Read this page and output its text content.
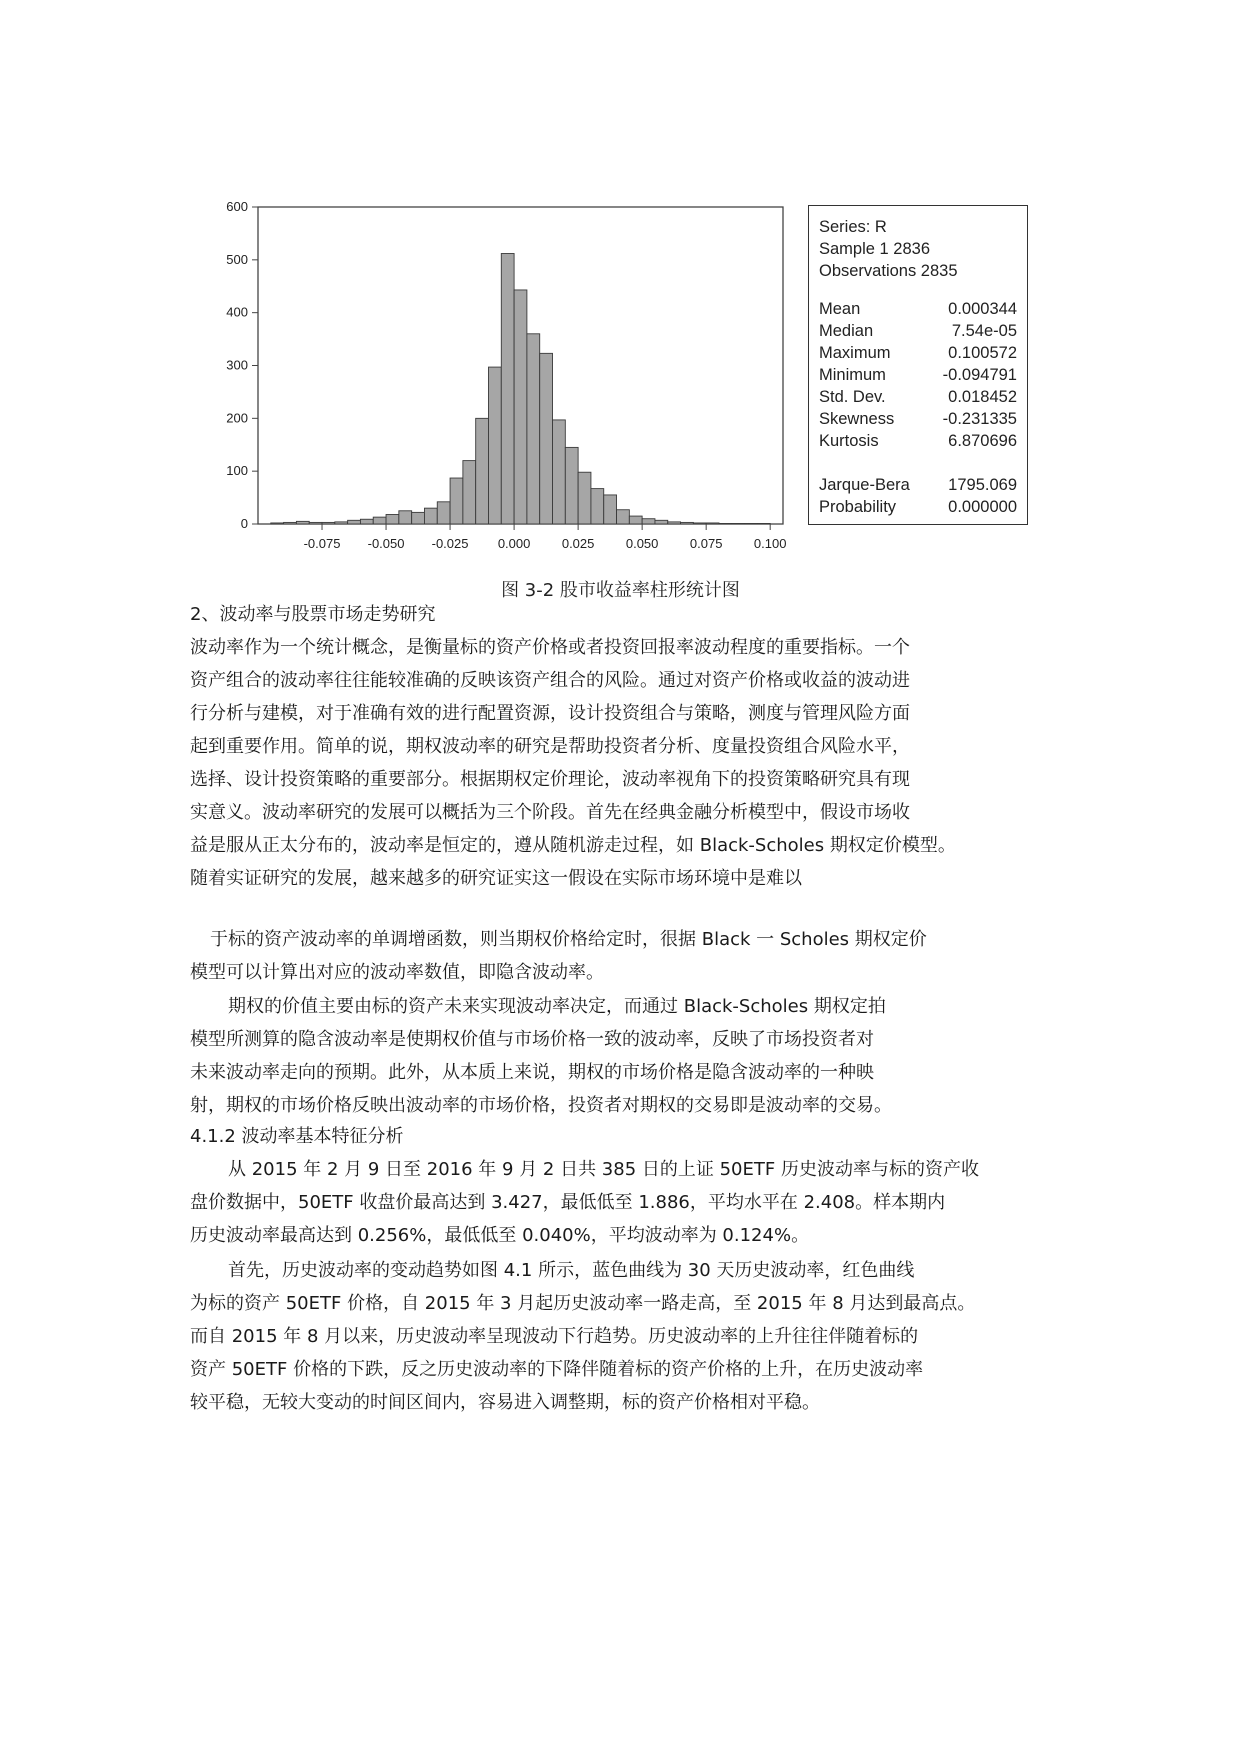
0
100
200
300
400
500
600
-0.075 -0.050 -0.025 0.000 0.025 0.050 0.075 0.100
Series: R
Sample 1 2836
Observations 2835
Mean	0.000344
Median	7.54e-05
Maximum	0.100572
Minimum	-0.094791
Std. Dev.	0.018452
Skewness	-0.231335
Kurtosis	6.870696
Jarque-Bera 1795.069
Probability	0.000000
图 3-2 股市收益率柱形统计图
2、波动率与股票市场走势研究
波动率作为一个统计概念，是衡量标的资产价格或者投资回报率波动程度的重要指标。一个
资产组合的波动率往往能较准确的反映该资产组合的风险。通过对资产价格或收益的波动进
行分析与建模，对于准确有效的进行配置资源，设计投资组合与策略，测度与管理风险方面
起到重要作用。简单的说，期权波动率的研究是帮助投资者分析、度量投资组合风险水平，
选择、设计投资策略的重要部分。根据期权定价理论，波动率视角下的投资策略研究具有现
实意义。波动率研究的发展可以概括为三个阶段。首先在经典金融分析模型中，假设市场收
益是服从正太分布的，波动率是恒定的，遵从随机游走过程，如 Black-Scholes 期权定价模型。
随着实证研究的发展，越来越多的研究证实这一假设在实际市场环境中是难以
于标的资产波动率的单调增函数，则当期权价格给定时，很据 Black 一 Scholes 期权定价
模型可以计算出对应的波动率数值，即隐含波动率。
期权的价值主要由标的资产未来实现波动率决定，而通过 Black-Scholes 期权定拍
模型所测算的隐含波动率是使期权价值与市场价格一致的波动率，反映了市场投资者对
未来波动率走向的预期。此外，从本质上来说，期权的市场价格是隐含波动率的一种映
射，期权的市场价格反映出波动率的市场价格，投资者对期权的交易即是波动率的交易。
4.1.2 波动率基本特征分析
从 2015 年 2 月 9 日至 2016 年 9 月 2 日共 385 日的上证 50ETF 历史波动率与标的资产收
盘价数据中，50ETF 收盘价最高达到 3.427，最低低至 1.886，平均水平在 2.408。样本期内
历史波动率最高达到 0.256%，最低低至 0.040%，平均波动率为 0.124%。
首先，历史波动率的变动趋势如图 4.1 所示，蓝色曲线为 30 天历史波动率，红色曲线
为标的资产 50ETF 价格，自 2015 年 3 月起历史波动率一路走高，至 2015 年 8 月达到最高点。
而自 2015 年 8 月以来，历史波动率呈现波动下行趋势。历史波动率的上升往往伴随着标的
资产 50ETF 价格的下跌，反之历史波动率的下降伴随着标的资产价格的上升，在历史波动率
较平稳，无较大变动的时间区间内，容易进入调整期，标的资产价格相对平稳。
